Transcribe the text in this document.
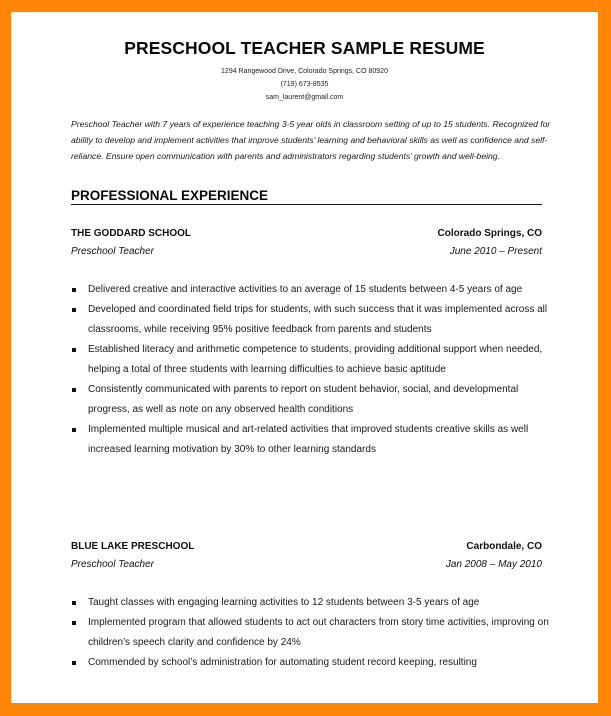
PRESCHOOL TEACHER SAMPLE RESUME
1294 Rangewood Drive, Colorado Springs, CO 80920
(719) 673-8535
sam_laurent@gmail.com
Preschool Teacher with 7 years of experience teaching 3-5 year olds in classroom setting of up to 15 students. Recognized for ability to develop and implement activities that improve students’ learning and behavioral skills as well as confidence and self-reliance. Ensure open communication with parents and administrators regarding students’ growth and well-being.
PROFESSIONAL EXPERIENCE
THE GODDARD SCHOOL	Colorado Springs, CO
Preschool Teacher	June 2010 – Present
Delivered creative and interactive activities to an average of 15 students between 4-5 years of age
Developed and coordinated field trips for students, with such success that it was implemented across all classrooms, while receiving 95% positive feedback from parents and students
Established literacy and arithmetic competence to students, providing additional support when needed, helping a total of three students with learning difficulties to achieve basic aptitude
Consistently communicated with parents to report on student behavior, social, and developmental progress, as well as note on any observed health conditions
Implemented multiple musical and art-related activities that improved students creative skills as well increased learning motivation by 30% to other learning standards
BLUE LAKE PRESCHOOL	Carbondale, CO
Preschool Teacher	Jan 2008 – May 2010
Taught classes with engaging learning activities to 12 students between 3-5 years of age
Implemented program that allowed students to act out characters from story time activities, improving on children’s speech clarity and confidence by 24%
Commended by school’s administration for automating student record keeping, resulting
